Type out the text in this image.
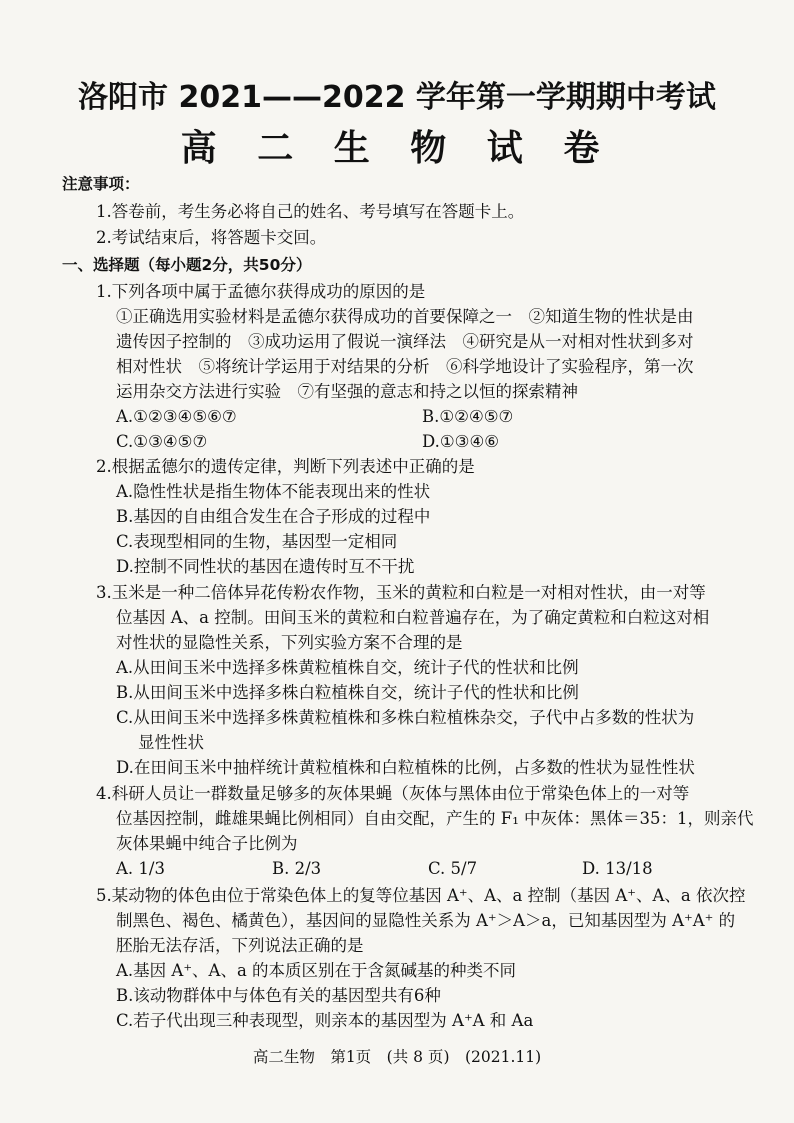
洛阳市 2021——2022 学年第一学期期中考试
高 二 生 物 试 卷
注意事项：
1.答卷前，考生务必将自己的姓名、考号填写在答题卡上。
2.考试结束后，将答题卡交回。
一、选择题（每小题2分，共50分）
1.下列各项中属于孟德尔获得成功的原因的是
①正确选用实验材料是孟德尔获得成功的首要保障之一　②知道生物的性状是由
遗传因子控制的　③成功运用了假说一演绎法　④研究是从一对相对性状到多对
相对性状　⑤将统计学运用于对结果的分析　⑥科学地设计了实验程序，第一次
运用杂交方法进行实验　⑦有坚强的意志和持之以恒的探索精神
A.①②③④⑤⑥⑦	B.①②④⑤⑦
C.①③④⑤⑦	D.①③④⑥
2.根据孟德尔的遗传定律，判断下列表述中正确的是
A.隐性性状是指生物体不能表现出来的性状
B.基因的自由组合发生在合子形成的过程中
C.表现型相同的生物，基因型一定相同
D.控制不同性状的基因在遗传时互不干扰
3.玉米是一种二倍体异花传粉农作物，玉米的黄粒和白粒是一对相对性状，由一对等
位基因 A、a 控制。田间玉米的黄粒和白粒普遍存在，为了确定黄粒和白粒这对相
对性状的显隐性关系，下列实验方案不合理的是
A.从田间玉米中选择多株黄粒植株自交，统计子代的性状和比例
B.从田间玉米中选择多株白粒植株自交，统计子代的性状和比例
C.从田间玉米中选择多株黄粒植株和多株白粒植株杂交，子代中占多数的性状为
显性性状
D.在田间玉米中抽样统计黄粒植株和白粒植株的比例，占多数的性状为显性性状
4.科研人员让一群数量足够多的灰体果蝇（灰体与黑体由位于常染色体上的一对等
位基因控制，雌雄果蝇比例相同）自由交配，产生的 F₁ 中灰体：黑体＝35：1，则亲代
灰体果蝇中纯合子比例为
A. 1/3	B. 2/3	C. 5/7	D. 13/18
5.某动物的体色由位于常染色体上的复等位基因 A⁺、A、a 控制（基因 A⁺、A、a 依次控
制黑色、褐色、橘黄色），基因间的显隐性关系为 A⁺＞A＞a，已知基因型为 A⁺A⁺ 的
胚胎无法存活，下列说法正确的是
A.基因 A⁺、A、a 的本质区别在于含氮碱基的种类不同
B.该动物群体中与体色有关的基因型共有6种
C.若子代出现三种表现型，则亲本的基因型为 A⁺A 和 Aa
高二生物　第1页　(共 8 页)　(2021.11)
